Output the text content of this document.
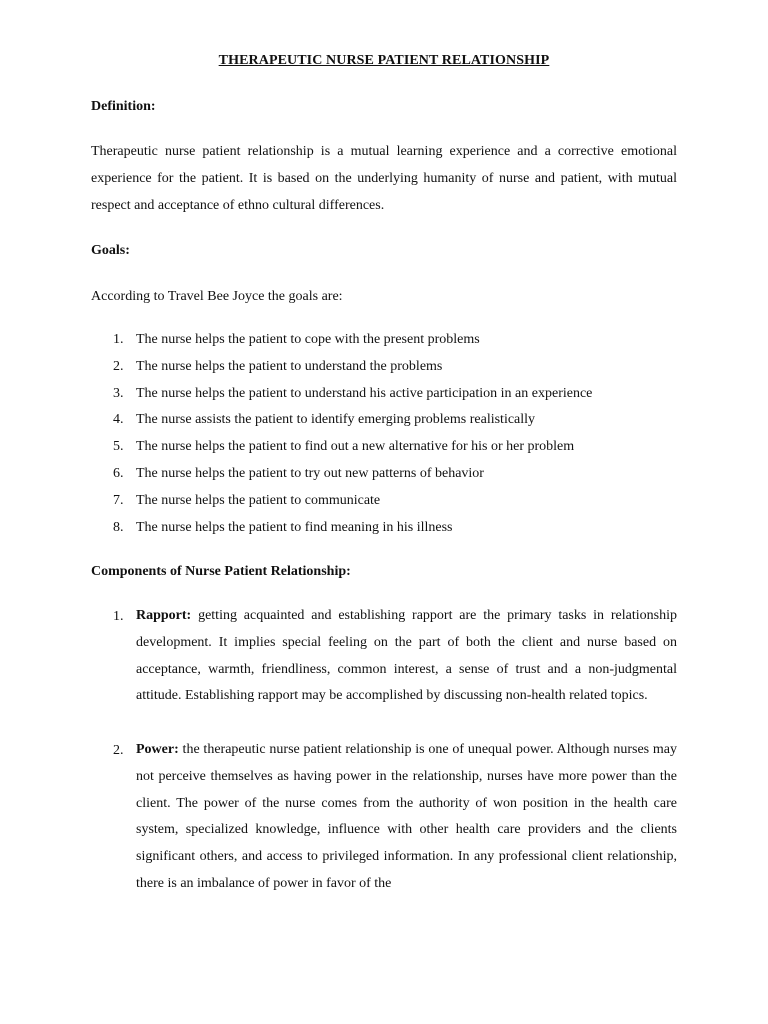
THERAPEUTIC NURSE PATIENT RELATIONSHIP
Definition:
Therapeutic nurse patient relationship is a mutual learning experience and a corrective emotional experience for the patient. It is based on the underlying humanity of nurse and patient, with mutual respect and acceptance of ethno cultural differences.
Goals:
According to Travel Bee Joyce the goals are:
1. The nurse helps the patient to cope with the present problems
2. The nurse helps the patient to understand the problems
3. The nurse helps the patient to understand his active participation in an experience
4. The nurse assists the patient to identify emerging problems realistically
5. The nurse helps the patient to find out a new alternative for his or her problem
6. The nurse helps the patient to try out new patterns of behavior
7. The nurse helps the patient to communicate
8. The nurse helps the patient to find meaning in his illness
Components of Nurse Patient Relationship:
1. Rapport: getting acquainted and establishing rapport are the primary tasks in relationship development. It implies special feeling on the part of both the client and nurse based on acceptance, warmth, friendliness, common interest, a sense of trust and a non-judgmental attitude. Establishing rapport may be accomplished by discussing non-health related topics.
2. Power: the therapeutic nurse patient relationship is one of unequal power. Although nurses may not perceive themselves as having power in the relationship, nurses have more power than the client. The power of the nurse comes from the authority of won position in the health care system, specialized knowledge, influence with other health care providers and the clients significant others, and access to privileged information. In any professional client relationship, there is an imbalance of power in favor of the
